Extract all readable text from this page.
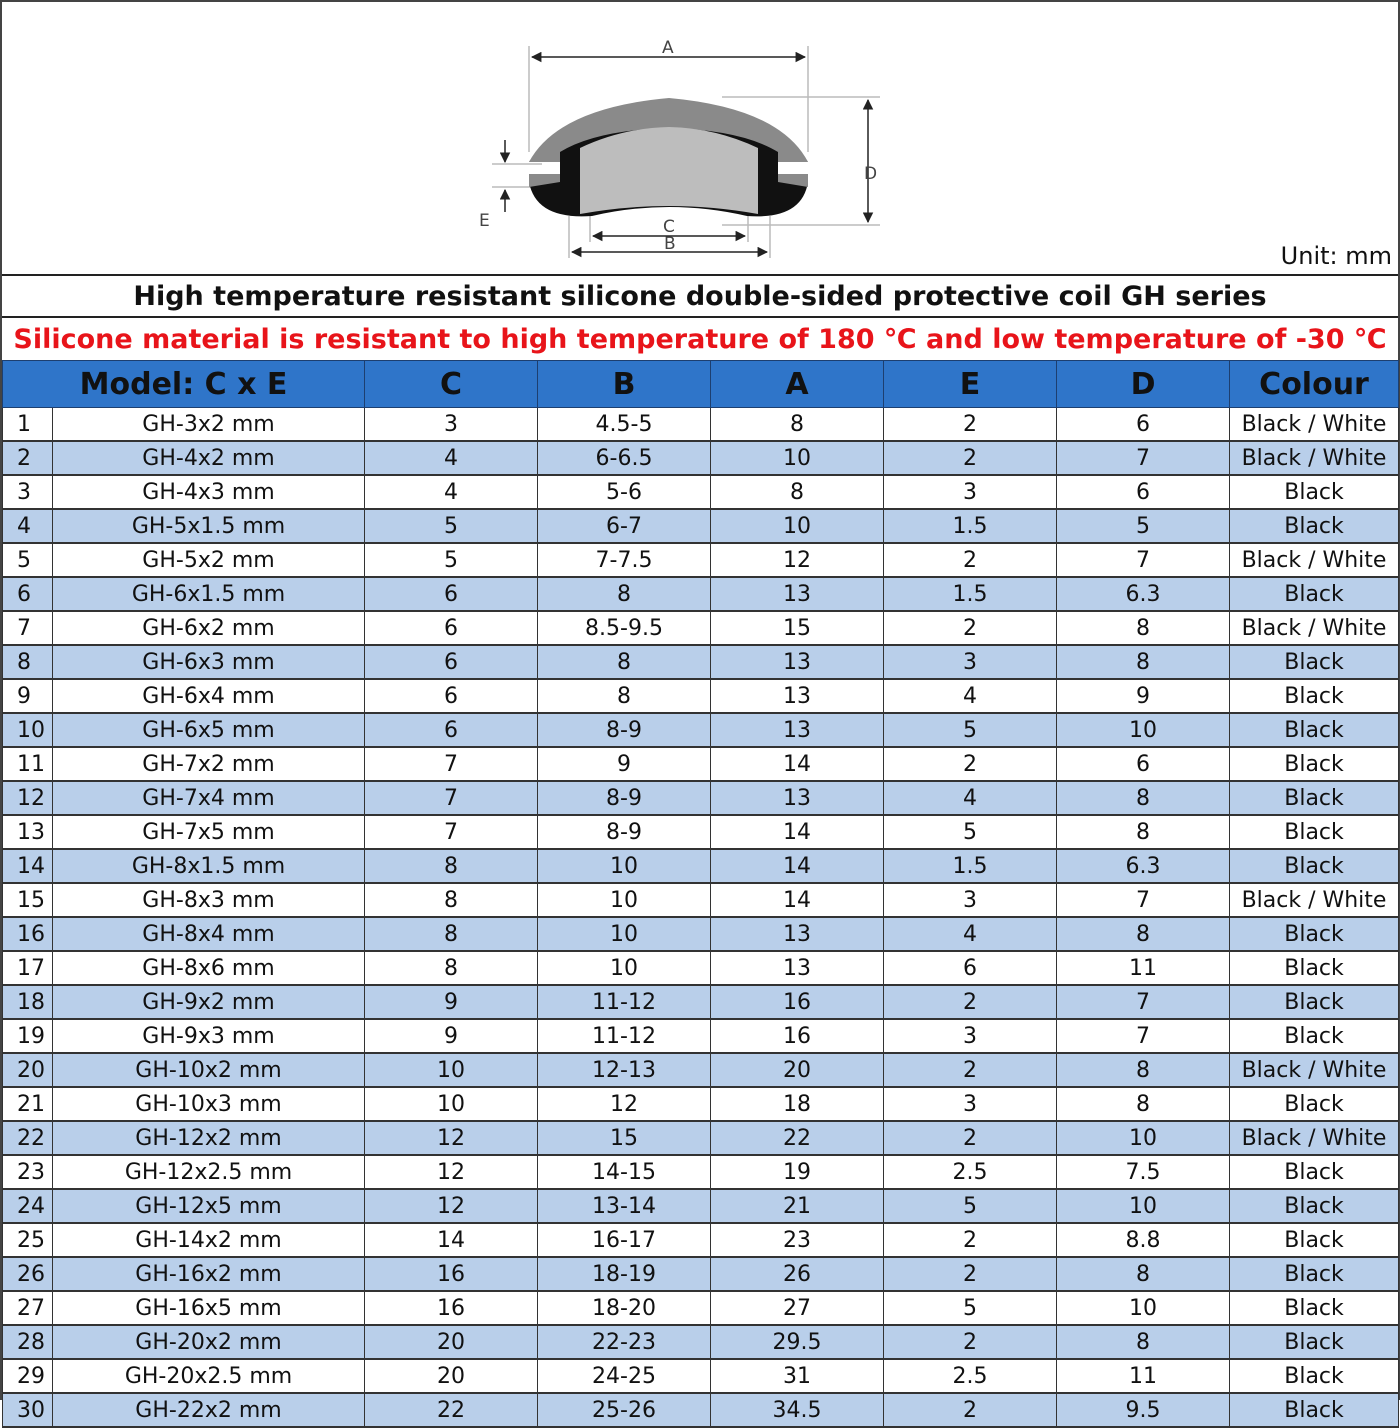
A
B
C
D
E
Unit: mm
High temperature resistant silicone double-sided protective coil GH series
Silicone material is resistant to high temperature of 180 ℃ and low temperature of -30 ℃
Model: C x E		C	B	A	E	D	Colour
1	GH-3x2 mm	3	4.5-5	8	2	6	Black / White
2	GH-4x2 mm	4	6-6.5	10	2	7	Black / White
3	GH-4x3 mm	4	5-6	8	3	6	Black
4	GH-5x1.5 mm	5	6-7	10	1.5	5	Black
5	GH-5x2 mm	5	7-7.5	12	2	7	Black / White
6	GH-6x1.5 mm	6	8	13	1.5	6.3	Black
7	GH-6x2 mm	6	8.5-9.5	15	2	8	Black / White
8	GH-6x3 mm	6	8	13	3	8	Black
9	GH-6x4 mm	6	8	13	4	9	Black
10	GH-6x5 mm	6	8-9	13	5	10	Black
11	GH-7x2 mm	7	9	14	2	6	Black
12	GH-7x4 mm	7	8-9	13	4	8	Black
13	GH-7x5 mm	7	8-9	14	5	8	Black
14	GH-8x1.5 mm	8	10	14	1.5	6.3	Black
15	GH-8x3 mm	8	10	14	3	7	Black / White
16	GH-8x4 mm	8	10	13	4	8	Black
17	GH-8x6 mm	8	10	13	6	11	Black
18	GH-9x2 mm	9	11-12	16	2	7	Black
19	GH-9x3 mm	9	11-12	16	3	7	Black
20	GH-10x2 mm	10	12-13	20	2	8	Black / White
21	GH-10x3 mm	10	12	18	3	8	Black
22	GH-12x2 mm	12	15	22	2	10	Black / White
23	GH-12x2.5 mm	12	14-15	19	2.5	7.5	Black
24	GH-12x5 mm	12	13-14	21	5	10	Black
25	GH-14x2 mm	14	16-17	23	2	8.8	Black
26	GH-16x2 mm	16	18-19	26	2	8	Black
27	GH-16x5 mm	16	18-20	27	5	10	Black
28	GH-20x2 mm	20	22-23	29.5	2	8	Black
29	GH-20x2.5 mm	20	24-25	31	2.5	11	Black
30	GH-22x2 mm	22	25-26	34.5	2	9.5	Black
